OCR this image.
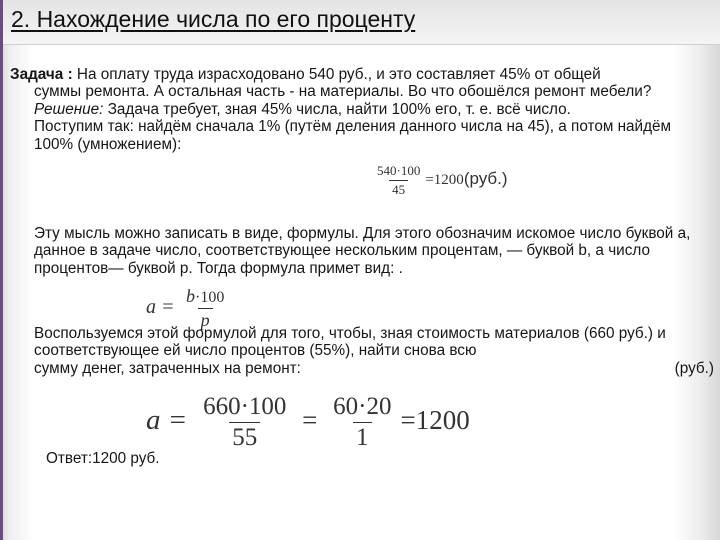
2. Нахождение числа по его проценту
Задача : На оплату труда израсходовано 540 руб., и это составляет 45% от общей
суммы ремонта. А остальная часть - на материалы. Во что обошёлся ремонт мебели?
Решение: Задача требует, зная 45% числа, найти 100% его, т. е. всё число.
Поступим так: найдём сначала 1% (путём деления данного числа на 45), а потом найдём 100% (умножением):
$\frac{540\cdot 100}{45} =1200(руб.)$
Эту мысль можно записать в виде, формулы. Для этого обозначим искомое число буквой а, данное в задаче число, соответствующее нескольким процентам, — буквой b, а число процентов— буквой р. Тогда формула примет вид: .
$a = \frac{b\cdot 100}{p}$
Воспользуемся этой формулой для того, чтобы, зная стоимость материалов (660 руб.) и соответствующее ей число процентов (55%), найти снова всю
сумму денег, затраченных на ремонт:	(руб.)
$a = \frac{660\cdot 100}{55} = \frac{60\cdot 20}{1} =1200$
Ответ:1200 руб.
